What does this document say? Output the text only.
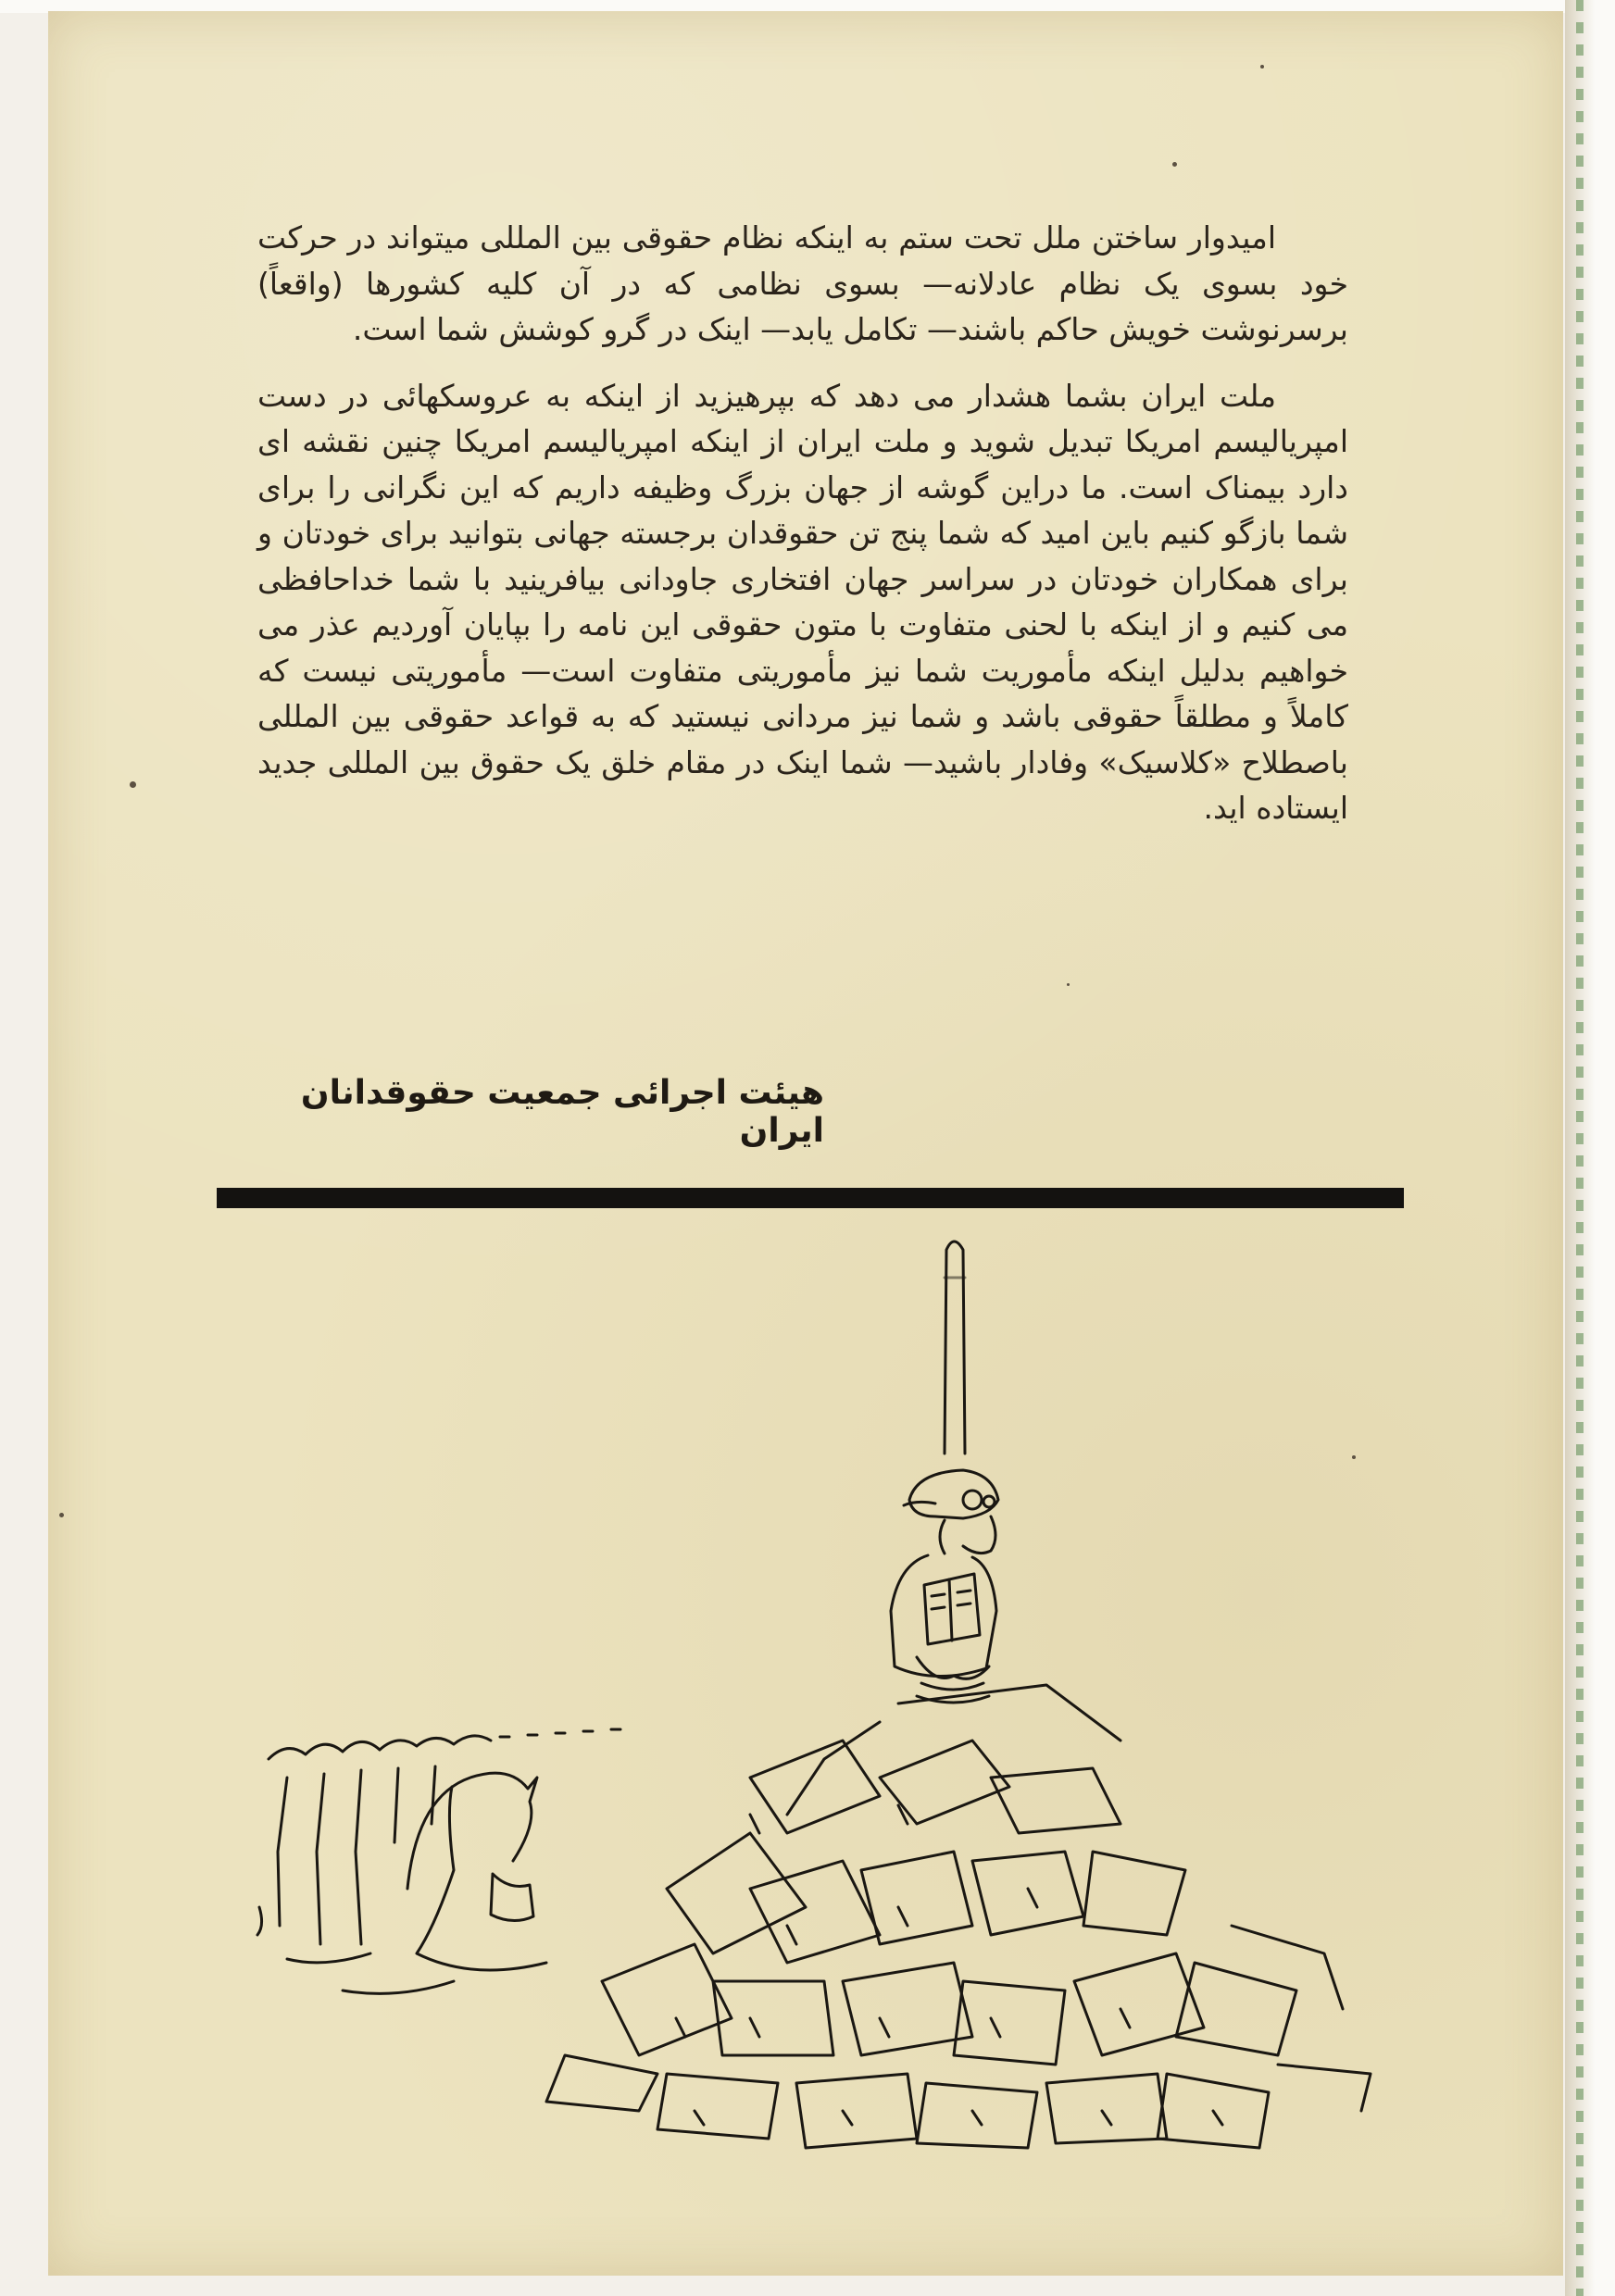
امیدوار ساختن ملل تحت ستم به اینکه نظام حقوقی بین المللی میتواند در حرکت خود بسوی یک نظام عادلانه— بسوی نظامی که در آن کلیه کشورها (واقعاً) برسرنوشت خویش حاکم باشند— تکامل یابد— اینک در گرو کوشش شما است.

ملت ایران بشما هشدار می دهد که بپرهیزید از اینکه به عروسکهائی در دست امپریالیسم امریکا تبدیل شوید و ملت ایران از اینکه امپریالیسم امریکا چنین نقشه ای دارد بیمناک است. ما دراین گوشه از جهان بزرگ وظیفه داریم که این نگرانی را برای شما بازگو کنیم باین امید که شما پنج تن حقوقدان برجسته جهانی بتوانید برای خودتان و برای همکاران خودتان در سراسر جهان افتخاری جاودانی بیافرینید با شما خداحافظی می کنیم و از اینکه با لحنی متفاوت با متون حقوقی این نامه را بپایان آوردیم عذر می خواهیم بدلیل اینکه مأموریت شما نیز مأموریتی متفاوت است— مأموریتی نیست که کاملاً و مطلقاً حقوقی باشد و شما نیز مردانی نیستید که به قواعد حقوقی بین المللی باصطلاح «کلاسیک» وفادار باشید— شما اینک در مقام خلق یک حقوق بین المللی جدید ایستاده اید.

هیئت اجرائی جمعیت حقوقدانان ایران
